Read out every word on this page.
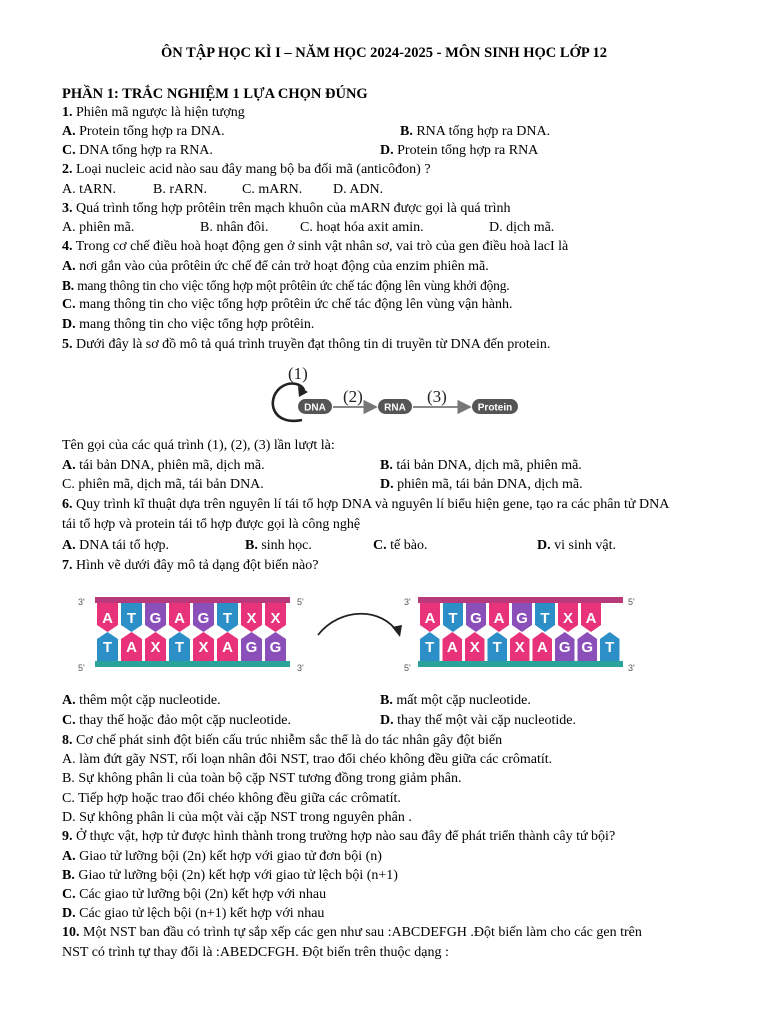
ÔN TẬP HỌC KÌ I – NĂM HỌC 2024-2025 - MÔN SINH HỌC LỚP 12
PHẦN 1: TRẮC NGHIỆM 1 LỰA CHỌN ĐÚNG
1. Phiên mã ngược là hiện tượng
A. Protein tổng hợp ra DNA.	B. RNA tổng hợp ra DNA.
C. DNA tổng hợp ra RNA.	D. Protein tổng hợp ra RNA
2. Loại nucleic acid nào sau đây mang bộ ba đối mã (anticôđon) ?
A. tARN.	B. rARN. C. mARN. D. ADN.
3. Quá trình tổng hợp prôtêin trên mạch khuôn của mARN được gọi là quá trình
A. phiên mã.	B. nhân đôi. C. hoạt hóa axit amin.	D. dịch mã.
4. Trong cơ chế điều hoà hoạt động gen ở sinh vật nhân sơ, vai trò của gen điều hoà lacI là
A. nơi gắn vào của prôtêin ức chế để cản trở hoạt động của enzim phiên mã.
B. mang thông tin cho việc tổng hợp một prôtêin ức chế tác động lên vùng khởi động.
C. mang thông tin cho việc tổng hợp prôtêin ức chế tác động lên vùng vận hành.
D. mang thông tin cho việc tổng hợp prôtêin.
5. Dưới đây là sơ đồ mô tả quá trình truyền đạt thông tin di truyền từ DNA đến protein.
(1)
DNA
(2)
RNA
(3)
Protein
Tên gọi của các quá trình (1), (2), (3) lần lượt là:
A. tái bản DNA, phiên mã, dịch mã.	B. tái bản DNA, dịch mã, phiên mã.
C. phiên mã, dịch mã, tái bản DNA.	D. phiên mã, tái bản DNA, dịch mã.
6. Quy trình kĩ thuật dựa trên nguyên lí tái tổ hợp DNA và nguyên lí biểu hiện gene, tạo ra các phân tử DNA
tái tổ hợp và protein tái tổ hợp được gọi là công nghệ
A. DNA tái tổ hợp.	B. sinh học.	C. tế bào.	D. vi sinh vật.
7. Hình vẽ dưới đây mô tả dạng đột biến nào?
A T G A G T X X
T A X T X A G G
3'	5'
5'	3'
A T G A G T X A
T A X T X A G G T
3'	5'
5'	3'
A. thêm một cặp nucleotide.	B. mất một cặp nucleotide.
C. thay thế hoặc đảo một cặp nucleotide.	D. thay thế một vài cặp nucleotide.
8. Cơ chế phát sinh đột biến cấu trúc nhiễm sắc thể là do tác nhân gây đột biến
A. làm đứt gãy NST, rối loạn nhân đôi NST, trao đổi chéo không đều giữa các crômatít.
B. Sự không phân li của toàn bộ cặp NST tương đồng trong giảm phân.
C. Tiếp hợp hoặc trao đổi chéo không đều giữa các crômatít.
D. Sự không phân li của một vài cặp NST trong nguyên phân .
9. Ở thực vật, hợp tử được hình thành trong trường hợp nào sau đây để phát triển thành cây tứ bội?
A. Giao tử lưỡng bội (2n) kết hợp với giao tử đơn bội (n)
B. Giao tử lưỡng bội (2n) kết hợp với giao tử lệch bội (n+1)
C. Các giao tử lưỡng bội (2n) kết hợp với nhau
D. Các giao tử lệch bội (n+1) kết hợp với nhau
10. Một NST ban đầu có trình tự sắp xếp các gen như sau :ABCDEFGH .Đột biến làm cho các gen trên
NST có trình tự thay đổi là :ABEDCFGH. Đột biến trên thuộc dạng :
